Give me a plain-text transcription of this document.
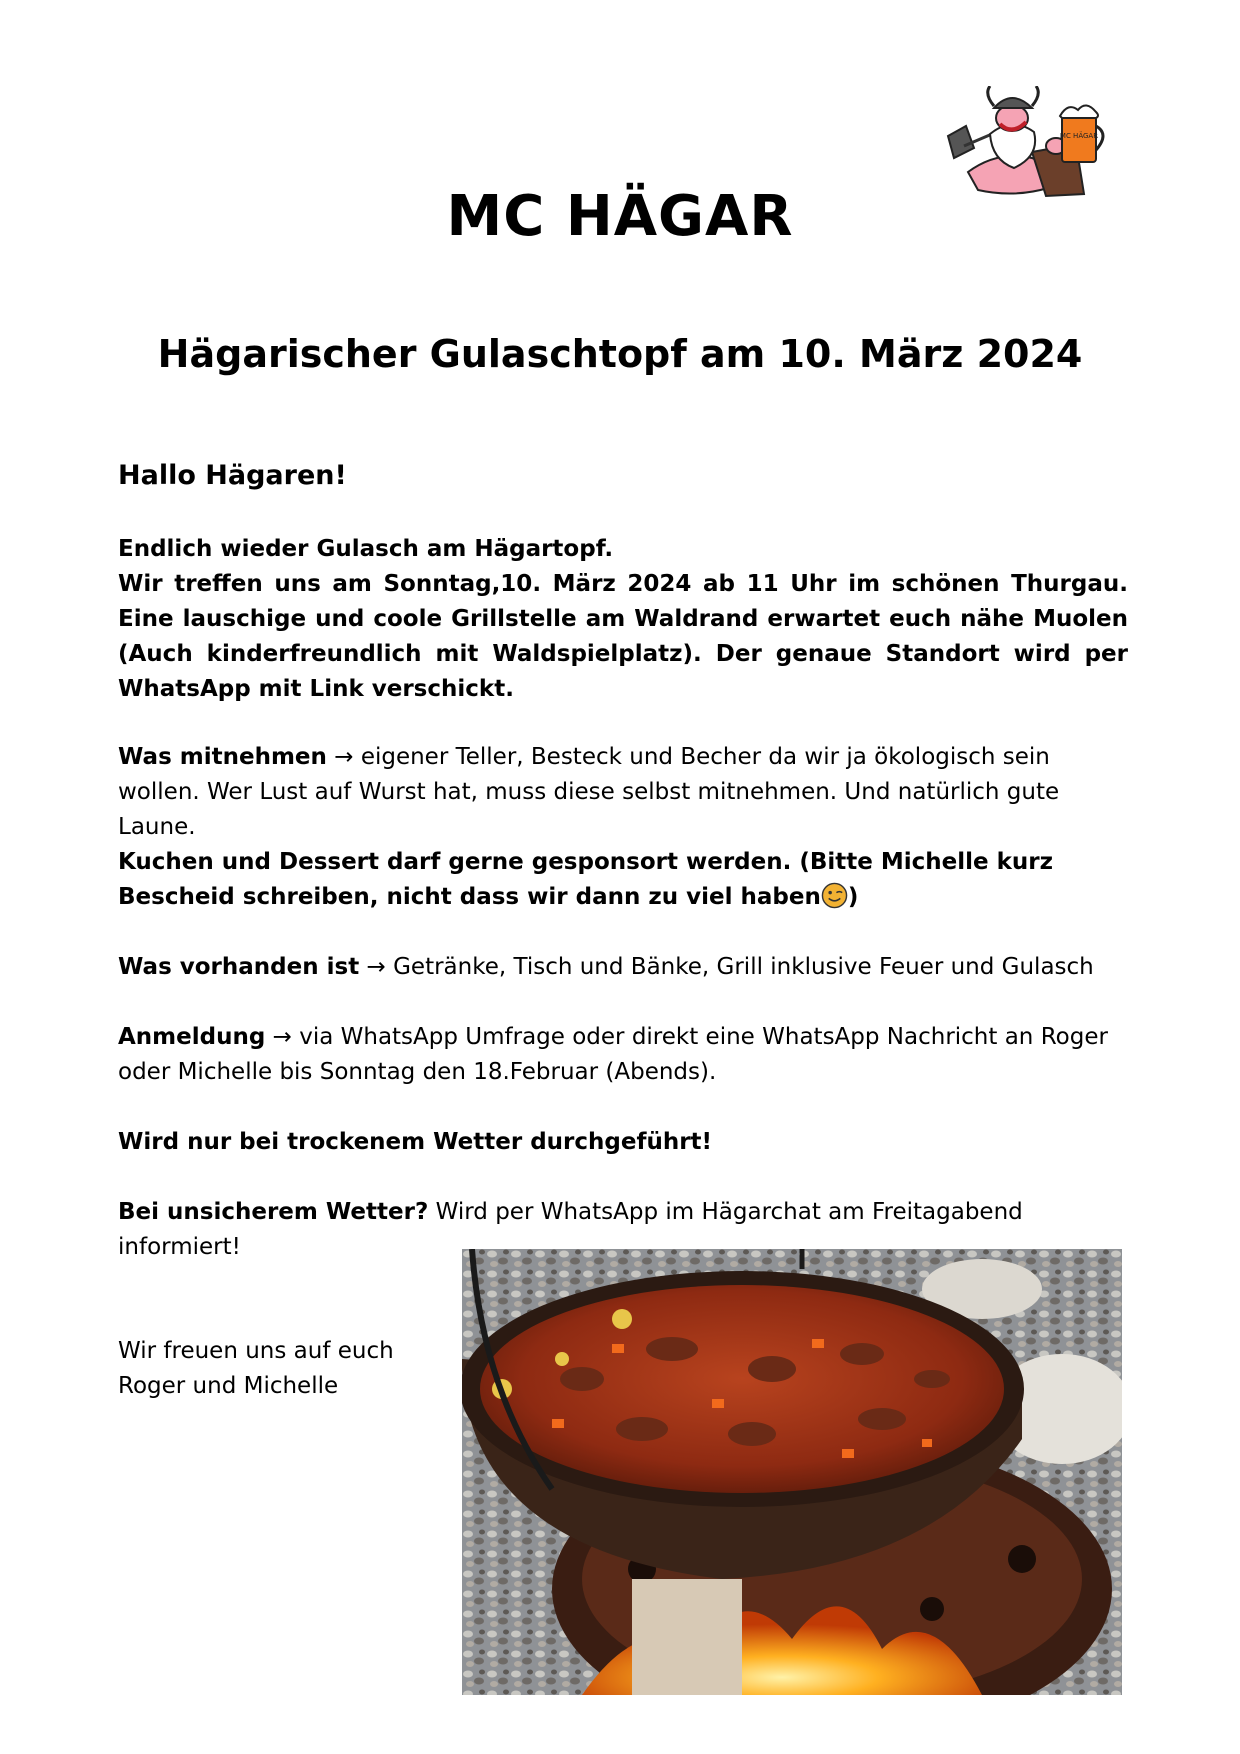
MC HÄGAR
MC HÄGAR
Hägarischer Gulaschtopf am 10. März 2024

Hallo Hägaren!

Endlich wieder Gulasch am Hägartopf.
Wir treffen uns am Sonntag,10. März 2024 ab 11 Uhr im schönen Thurgau. Eine lauschige und coole Grillstelle am Waldrand erwartet euch nähe Muolen (Auch kinderfreundlich mit Waldspielplatz). Der genaue Standort wird per WhatsApp mit Link verschickt.

Was mitnehmen → eigener Teller, Besteck und Becher da wir ja ökologisch sein wollen. Wer Lust auf Wurst hat, muss diese selbst mitnehmen. Und natürlich gute Laune.
Kuchen und Dessert darf gerne gesponsort werden. (Bitte Michelle kurz Bescheid schreiben, nicht dass wir dann zu viel haben )

Was vorhanden ist → Getränke, Tisch und Bänke, Grill inklusive Feuer und Gulasch

Anmeldung → via WhatsApp Umfrage oder direkt eine WhatsApp Nachricht an Roger oder Michelle bis Sonntag den 18.Februar (Abends).

Wird nur bei trockenem Wetter durchgeführt!

Bei unsicherem Wetter? Wird per WhatsApp im Hägarchat am Freitagabend informiert!

Wir freuen uns auf euch
Roger und Michelle
